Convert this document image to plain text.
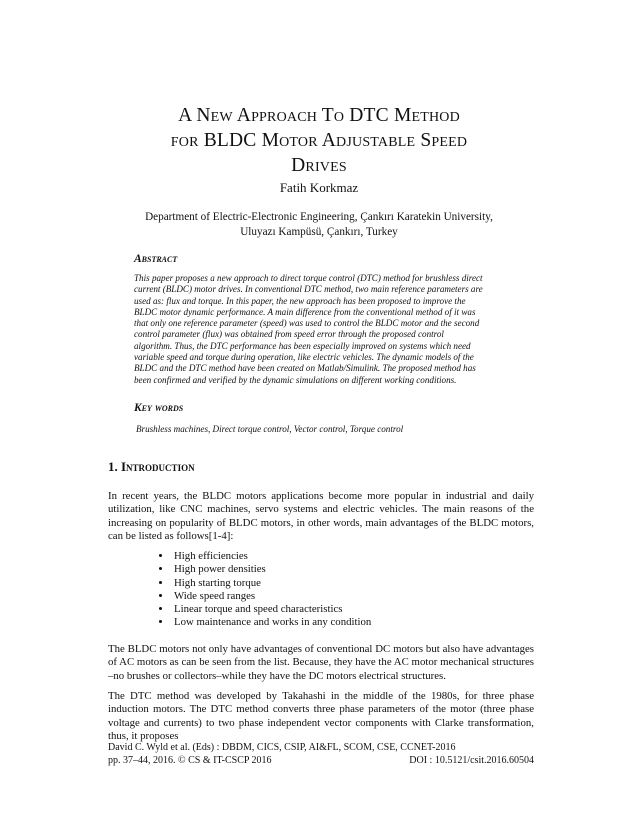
A New Approach To DTC Method
for BLDC Motor Adjustable Speed
Drives
Fatih Korkmaz
Department of Electric-Electronic Engineering, Çankırı Karatekin University,
Uluyazı Kampüsü, Çankırı, Turkey
Abstract
This paper proposes a new approach to direct torque control (DTC) method for brushless direct
current (BLDC) motor drives. In conventional DTC method, two main reference parameters are
used as: flux and torque. In this paper, the new approach has been proposed to improve the
BLDC motor dynamic performance. A main difference from the conventional method of it was
that only one reference parameter (speed) was used to control the BLDC motor and the second
control parameter (flux) was obtained from speed error through the proposed control
algorithm. Thus, the DTC performance has been especially improved on systems which need
variable speed and torque during operation, like electric vehicles. The dynamic models of the
BLDC and the DTC method have been created on Matlab/Simulink. The proposed method has
been confirmed and verified by the dynamic simulations on different working conditions.
Key words
Brushless machines, Direct torque control, Vector control, Torque control
1. Introduction
In recent years, the BLDC motors applications become more popular in industrial and daily utilization, like CNC machines, servo systems and electric vehicles. The main reasons of the increasing on popularity of BLDC motors, in other words, main advantages of the BLDC motors, can be listed as follows[1-4]:
• High efficiencies
• High power densities
• High starting torque
• Wide speed ranges
• Linear torque and speed characteristics
• Low maintenance and works in any condition
The BLDC motors not only have advantages of conventional DC motors but also have advantages of AC motors as can be seen from the list. Because, they have the AC motor mechanical structures –no brushes or collectors–while they have the DC motors electrical structures.
The DTC method was developed by Takahashi in the middle of the 1980s, for three phase induction motors. The DTC method converts three phase parameters of the motor (three phase voltage and currents) to two phase independent vector components with Clarke transformation, thus, it proposes
David C. Wyld et al. (Eds) : DBDM, CICS, CSIP, AI&FL, SCOM, CSE, CCNET-2016
pp. 37–44, 2016. © CS & IT-CSCP 2016	DOI : 10.5121/csit.2016.60504
